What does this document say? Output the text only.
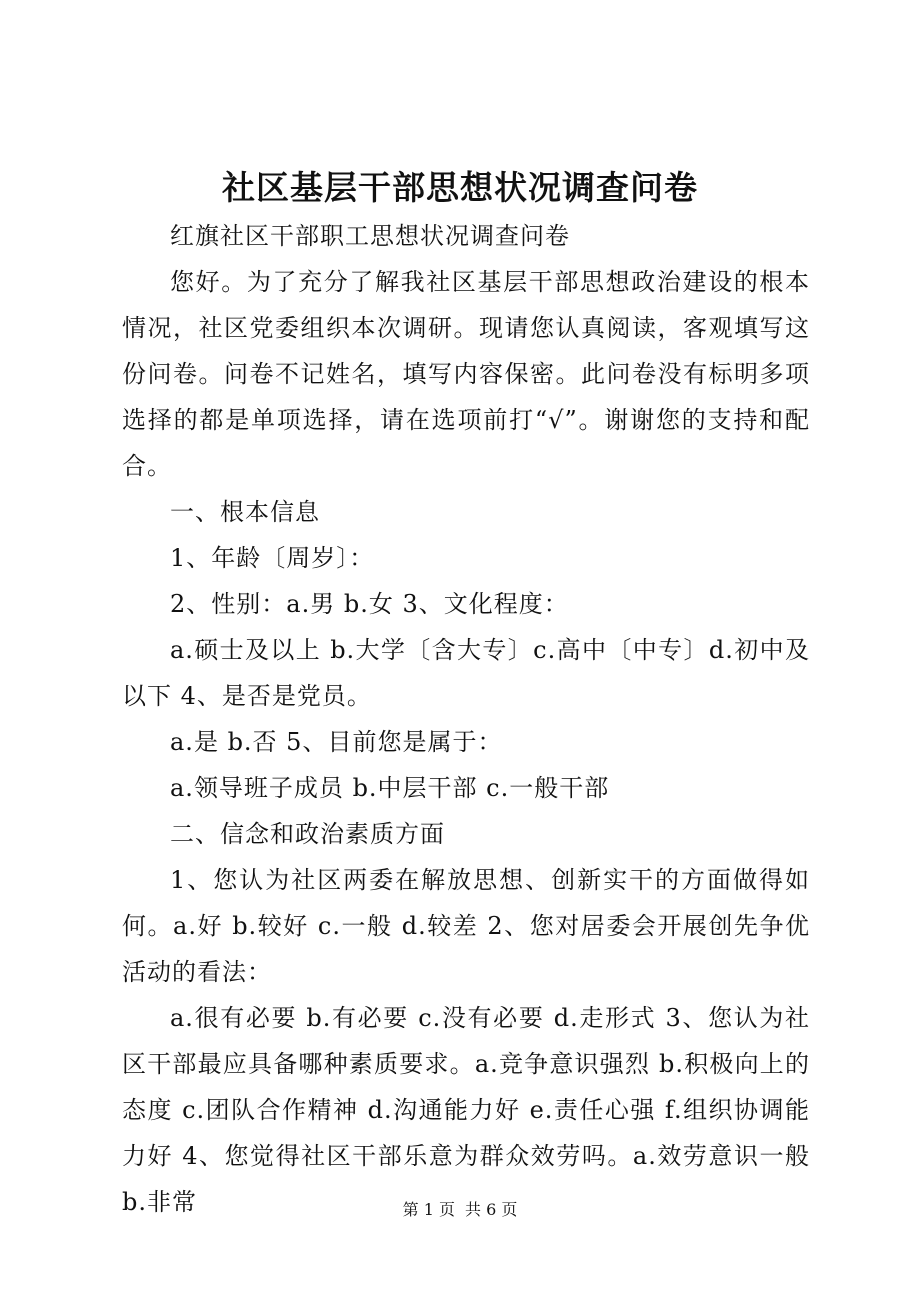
社区基层干部思想状况调查问卷

红旗社区干部职工思想状况调查问卷

您好。为了充分了解我社区基层干部思想政治建设的根本情况，社区党委组织本次调研。现请您认真阅读，客观填写这份问卷。问卷不记姓名，填写内容保密。此问卷没有标明多项选择的都是单项选择，请在选项前打“√”。谢谢您的支持和配合。

一、根本信息

1、年龄〔周岁〕：

2、性别：a.男 b.女 3、文化程度：

a.硕士及以上 b.大学〔含大专〕c.高中〔中专〕d.初中及以下 4、是否是党员。

a.是 b.否 5、目前您是属于：

a.领导班子成员 b.中层干部 c.一般干部

二、信念和政治素质方面

1、您认为社区两委在解放思想、创新实干的方面做得如何。a.好 b.较好 c.一般 d.较差 2、您对居委会开展创先争优活动的看法：

a.很有必要 b.有必要 c.没有必要 d.走形式 3、您认为社区干部最应具备哪种素质要求。a.竞争意识强烈 b.积极向上的态度 c.团队合作精神 d.沟通能力好 e.责任心强 f.组织协调能力好 4、您觉得社区干部乐意为群众效劳吗。a.效劳意识一般 b.非常	第 1 页 共 6 页
